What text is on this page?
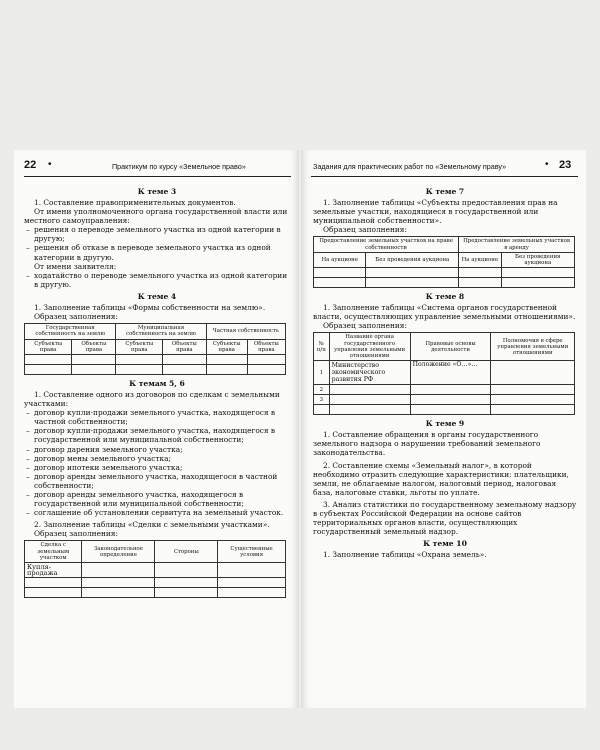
22 •	Практикум по курсу «Земельное право»
К теме 3

1. Составление правоприменительных документов.

От имени уполномоченного органа государственной власти или местного самоуправления:

– решения о переводе земельного участка из одной категории в другую;
– решения об отказе в переводе земельного участка из одной категории в другую.

От имени заявителя:

– ходатайство о переводе земельного участка из одной категории в другую.
К теме 4

1. Заполнение таблицы «Формы собственности на землю».

Образец заполнения:

Государственная собственность на землю		Муниципальная собственность на землю		Частная собственность	
Субъекты права	Объекты права	Субъекты права	Объекты права	Субъекты права	Объекты права

К темам 5, 6

1. Составление одного из договоров по сделкам с земельными участками:

– договор купли-продажи земельного участка, находящегося в частной собственности;
– договор купли-продажи земельного участка, находящегося в государственной или муниципальной собственности;
– договор дарения земельного участка;
– договор мены земельного участка;
– договор ипотеки земельного участка;
– договор аренды земельного участка, находящегося в частной собственности;
– договор аренды земельного участка, находящегося в государственной или муниципальной собственности;
– соглашение об установлении сервитута на земельный участок.

2. Заполнение таблицы «Сделки с земельными участками».

Образец заполнения:

Сделка с земельным участком	Законодательное определение	Стороны	Существенные условия
Купля-продажа			

Задания для практических работ по «Земельному праву»	• 23
К теме 7

1. Заполнение таблицы «Субъекты предоставления прав на земельные участки, находящиеся в государственной или муниципальной собственности».

Образец заполнения:

Предоставление земельных участков на праве собственности		Предоставление земельных участков в аренду	
На аукционе	Без проведения аукциона	На аукционе	Без проведения аукциона

К теме 8

1. Заполнение таблицы «Система органов государственной власти, осуществляющих управление земельными отношениями».

Образец заполнения:

№ п/п	Название органа государственного управления земельными отношениями	Правовые основы деятельности	Полномочия в сфере управления земельными отношениями
1	Министерство экономического развития РФ	Положение «О…»...	
2			
3			

К теме 9

1. Составление обращения в органы государственного земельного надзора о нарушении требований земельного законодательства.

2. Составление схемы «Земельный налог», в которой необходимо отразить следующие характеристики: плательщики, земли, не облагаемые налогом, налоговый период, налоговая база, налоговые ставки, льготы по уплате.

3. Анализ статистики по государственному земельному надзору в субъектах Российской Федерации на основе сайтов территориальных органов власти, осуществляющих государственный земельный надзор.

К теме 10

1. Заполнение таблицы «Охрана земель».
